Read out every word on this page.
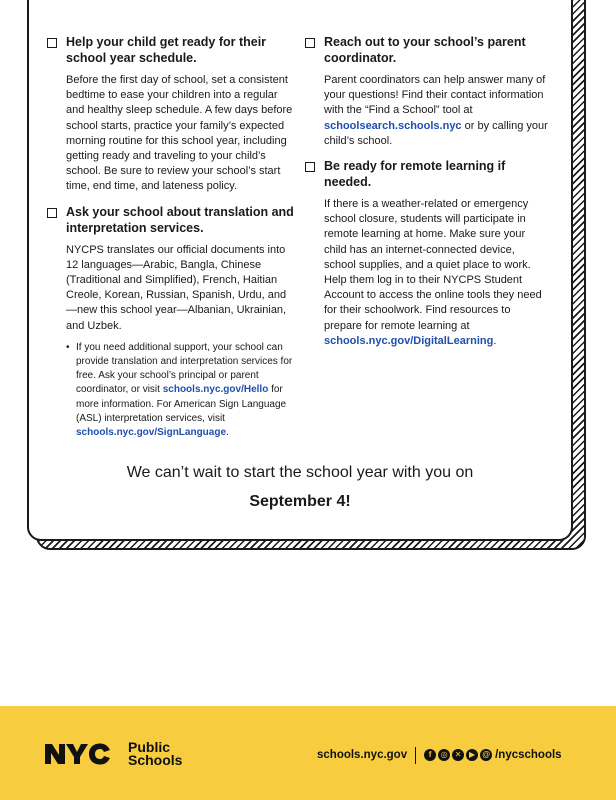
Help your child get ready for their school year schedule.
Before the first day of school, set a consistent bedtime to ease your children into a regular and healthy sleep schedule. A few days before school starts, practice your family’s expected morning routine for this school year, including getting ready and traveling to your child’s school. Be sure to review your school’s start time, end time, and lateness policy.
Ask your school about translation and interpretation services.
NYCPS translates our official documents into 12 languages—Arabic, Bangla, Chinese (Traditional and Simplified), French, Haitian Creole, Korean, Russian, Spanish, Urdu, and—new this school year—Albanian, Ukrainian, and Uzbek.
• If you need additional support, your school can provide translation and interpretation services for free. Ask your school’s principal or parent coordinator, or visit schools.nyc.gov/Hello for more information. For American Sign Language (ASL) interpretation services, visit schools.nyc.gov/SignLanguage.
Reach out to your school’s parent coordinator.
Parent coordinators can help answer many of your questions! Find their contact information with the “Find a School” tool at schoolsearch.schools.nyc or by calling your child’s school.
Be ready for remote learning if needed.
If there is a weather-related or emergency school closure, students will participate in remote learning at home. Make sure your child has an internet-connected device, school supplies, and a quiet place to work. Help them log in to their NYCPS Student Account to access the online tools they need for their schoolwork. Find resources to prepare for remote learning at schools.nyc.gov/DigitalLearning.
We can’t wait to start the school year with you on
September 4!
Public
Schools	schools.nyc.gov	f	◎ ✕ ▶ @ /nycschools
